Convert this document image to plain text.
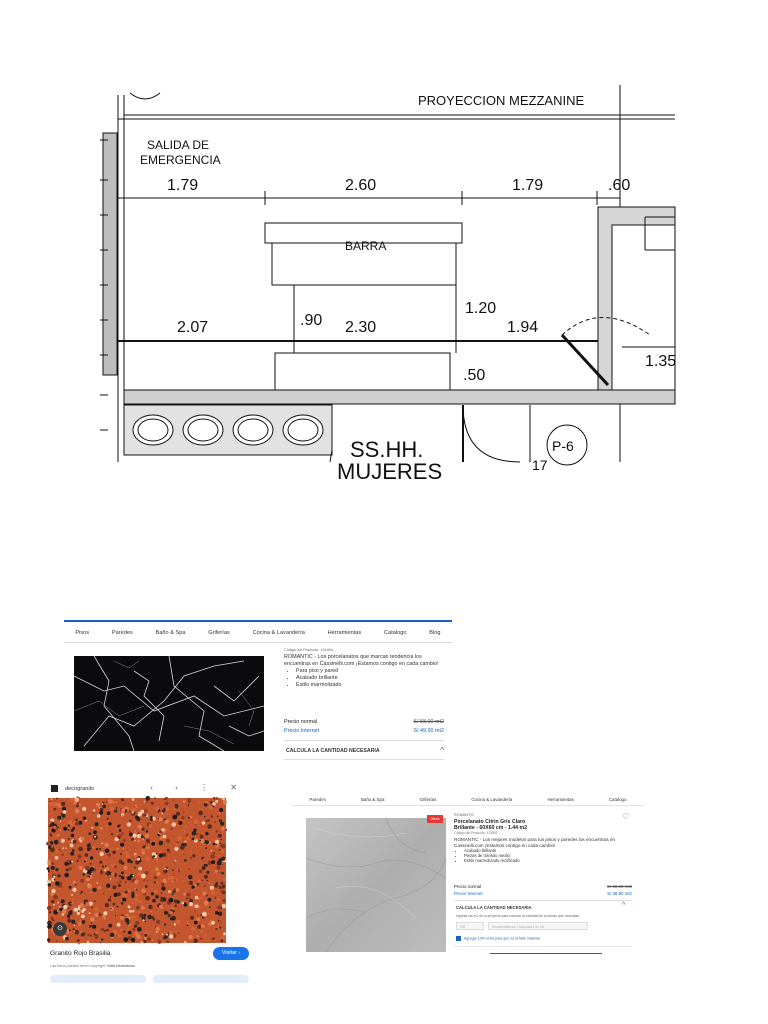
PROYECCION MEZZANINE
SALIDA DE
EMERGENCIA
1.79	2.60	1.79	.60
BARRA
2.07	.90 2.30
1.20
1.94
1.35
.50
SS.HH.
MUJERES
P-6
17
Pisos	Paredes	Baño & Spa	Griferías	Cocina & Lavandería	Herramientas	Catalogo	Blog
Código del Producto: 114404
ROMANTIC - Los porcelanatos que marcan tendencia los encuentras en Cassinelli.com ¡Estamos contigo en cada cambio!
• Para piso y pared
• Acabado brillante
• Estilo marmolizado
Precio normal	S/ 58.90 mt2
Precio Internet	S/ 49.90 mt2
CALCULA LA CANTIDAD NECESARIA	^
decogranito	‹ › ⋮ ✕
⊙
Granito Rojo Brasilia	Visitar ›
Las fotos pueden tener copyright. Más información
Paredes	Baño & Spa	Griferías	Cocina & Lavandería	Herramientas	Catalogo
Oferta
ROMANTIC
Porcelanato Citrin Gris Claro
Brillante - 60X60 cm - 1.44 m2
Código del Producto: 113652
ROMANTIC - Los mejores modelos para tus pisos y paredes los encuentras en Cassinelli.com ¡Estamos contigo en cada cambio!
• Acabado brillante
• Piezas de tránsito medio
• Estilo marmolizado rectificado
♡
Precio normal	S/ 59.90 mt2
Precio Internet	S/ 38.90 mt2
CALCULA LA CANTIDAD NECESARIA	^
Ingresa los m2 de tu proyecto para calcular la cantidad de producto que necesitas.
100	Recomendamos 1 caja para 1.44 m2
Agregar 10% extra para que no te falte material
